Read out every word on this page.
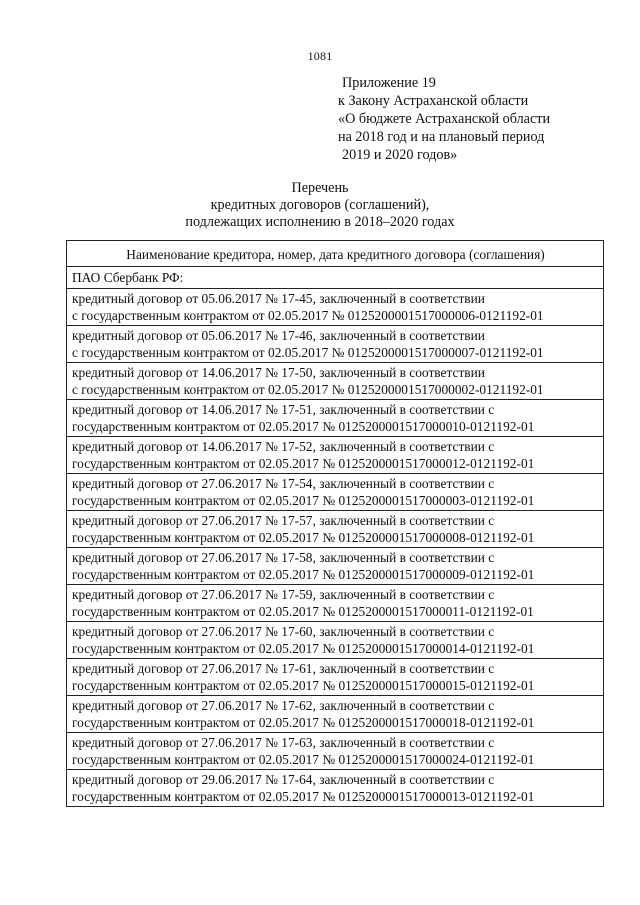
1081
Приложение 19
к Закону Астраханской области
«О бюджете Астраханской области
на 2018 год и на плановый период
2019 и 2020 годов»
Перечень
кредитных договоров (соглашений),
подлежащих исполнению в 2018–2020 годах
Наименование кредитора, номер, дата кредитного договора (соглашения)
ПАО Сбербанк РФ:

кредитный договор от 05.06.2017 № 17-45, заключенный в соответствии
с государственным контрактом от 02.05.2017 № 0125200001517000006-0121192-01

кредитный договор от 05.06.2017 № 17-46, заключенный в соответствии
с государственным контрактом от 02.05.2017 № 0125200001517000007-0121192-01

кредитный договор от 14.06.2017 № 17-50, заключенный в соответствии
с государственным контрактом от 02.05.2017 № 0125200001517000002-0121192-01

кредитный договор от 14.06.2017 № 17-51, заключенный в соответствии с
государственным контрактом от 02.05.2017 № 0125200001517000010-0121192-01

кредитный договор от 14.06.2017 № 17-52, заключенный в соответствии с
государственным контрактом от 02.05.2017 № 0125200001517000012-0121192-01

кредитный договор от 27.06.2017 № 17-54, заключенный в соответствии с
государственным контрактом от 02.05.2017 № 0125200001517000003-0121192-01

кредитный договор от 27.06.2017 № 17-57, заключенный в соответствии с
государственным контрактом от 02.05.2017 № 0125200001517000008-0121192-01

кредитный договор от 27.06.2017 № 17-58, заключенный в соответствии с
государственным контрактом от 02.05.2017 № 0125200001517000009-0121192-01

кредитный договор от 27.06.2017 № 17-59, заключенный в соответствии с
государственным контрактом от 02.05.2017 № 0125200001517000011-0121192-01

кредитный договор от 27.06.2017 № 17-60, заключенный в соответствии с
государственным контрактом от 02.05.2017 № 0125200001517000014-0121192-01

кредитный договор от 27.06.2017 № 17-61, заключенный в соответствии с
государственным контрактом от 02.05.2017 № 0125200001517000015-0121192-01

кредитный договор от 27.06.2017 № 17-62, заключенный в соответствии с
государственным контрактом от 02.05.2017 № 0125200001517000018-0121192-01

кредитный договор от 27.06.2017 № 17-63, заключенный в соответствии с
государственным контрактом от 02.05.2017 № 0125200001517000024-0121192-01

кредитный договор от 29.06.2017 № 17-64, заключенный в соответствии с
государственным контрактом от 02.05.2017 № 0125200001517000013-0121192-01
